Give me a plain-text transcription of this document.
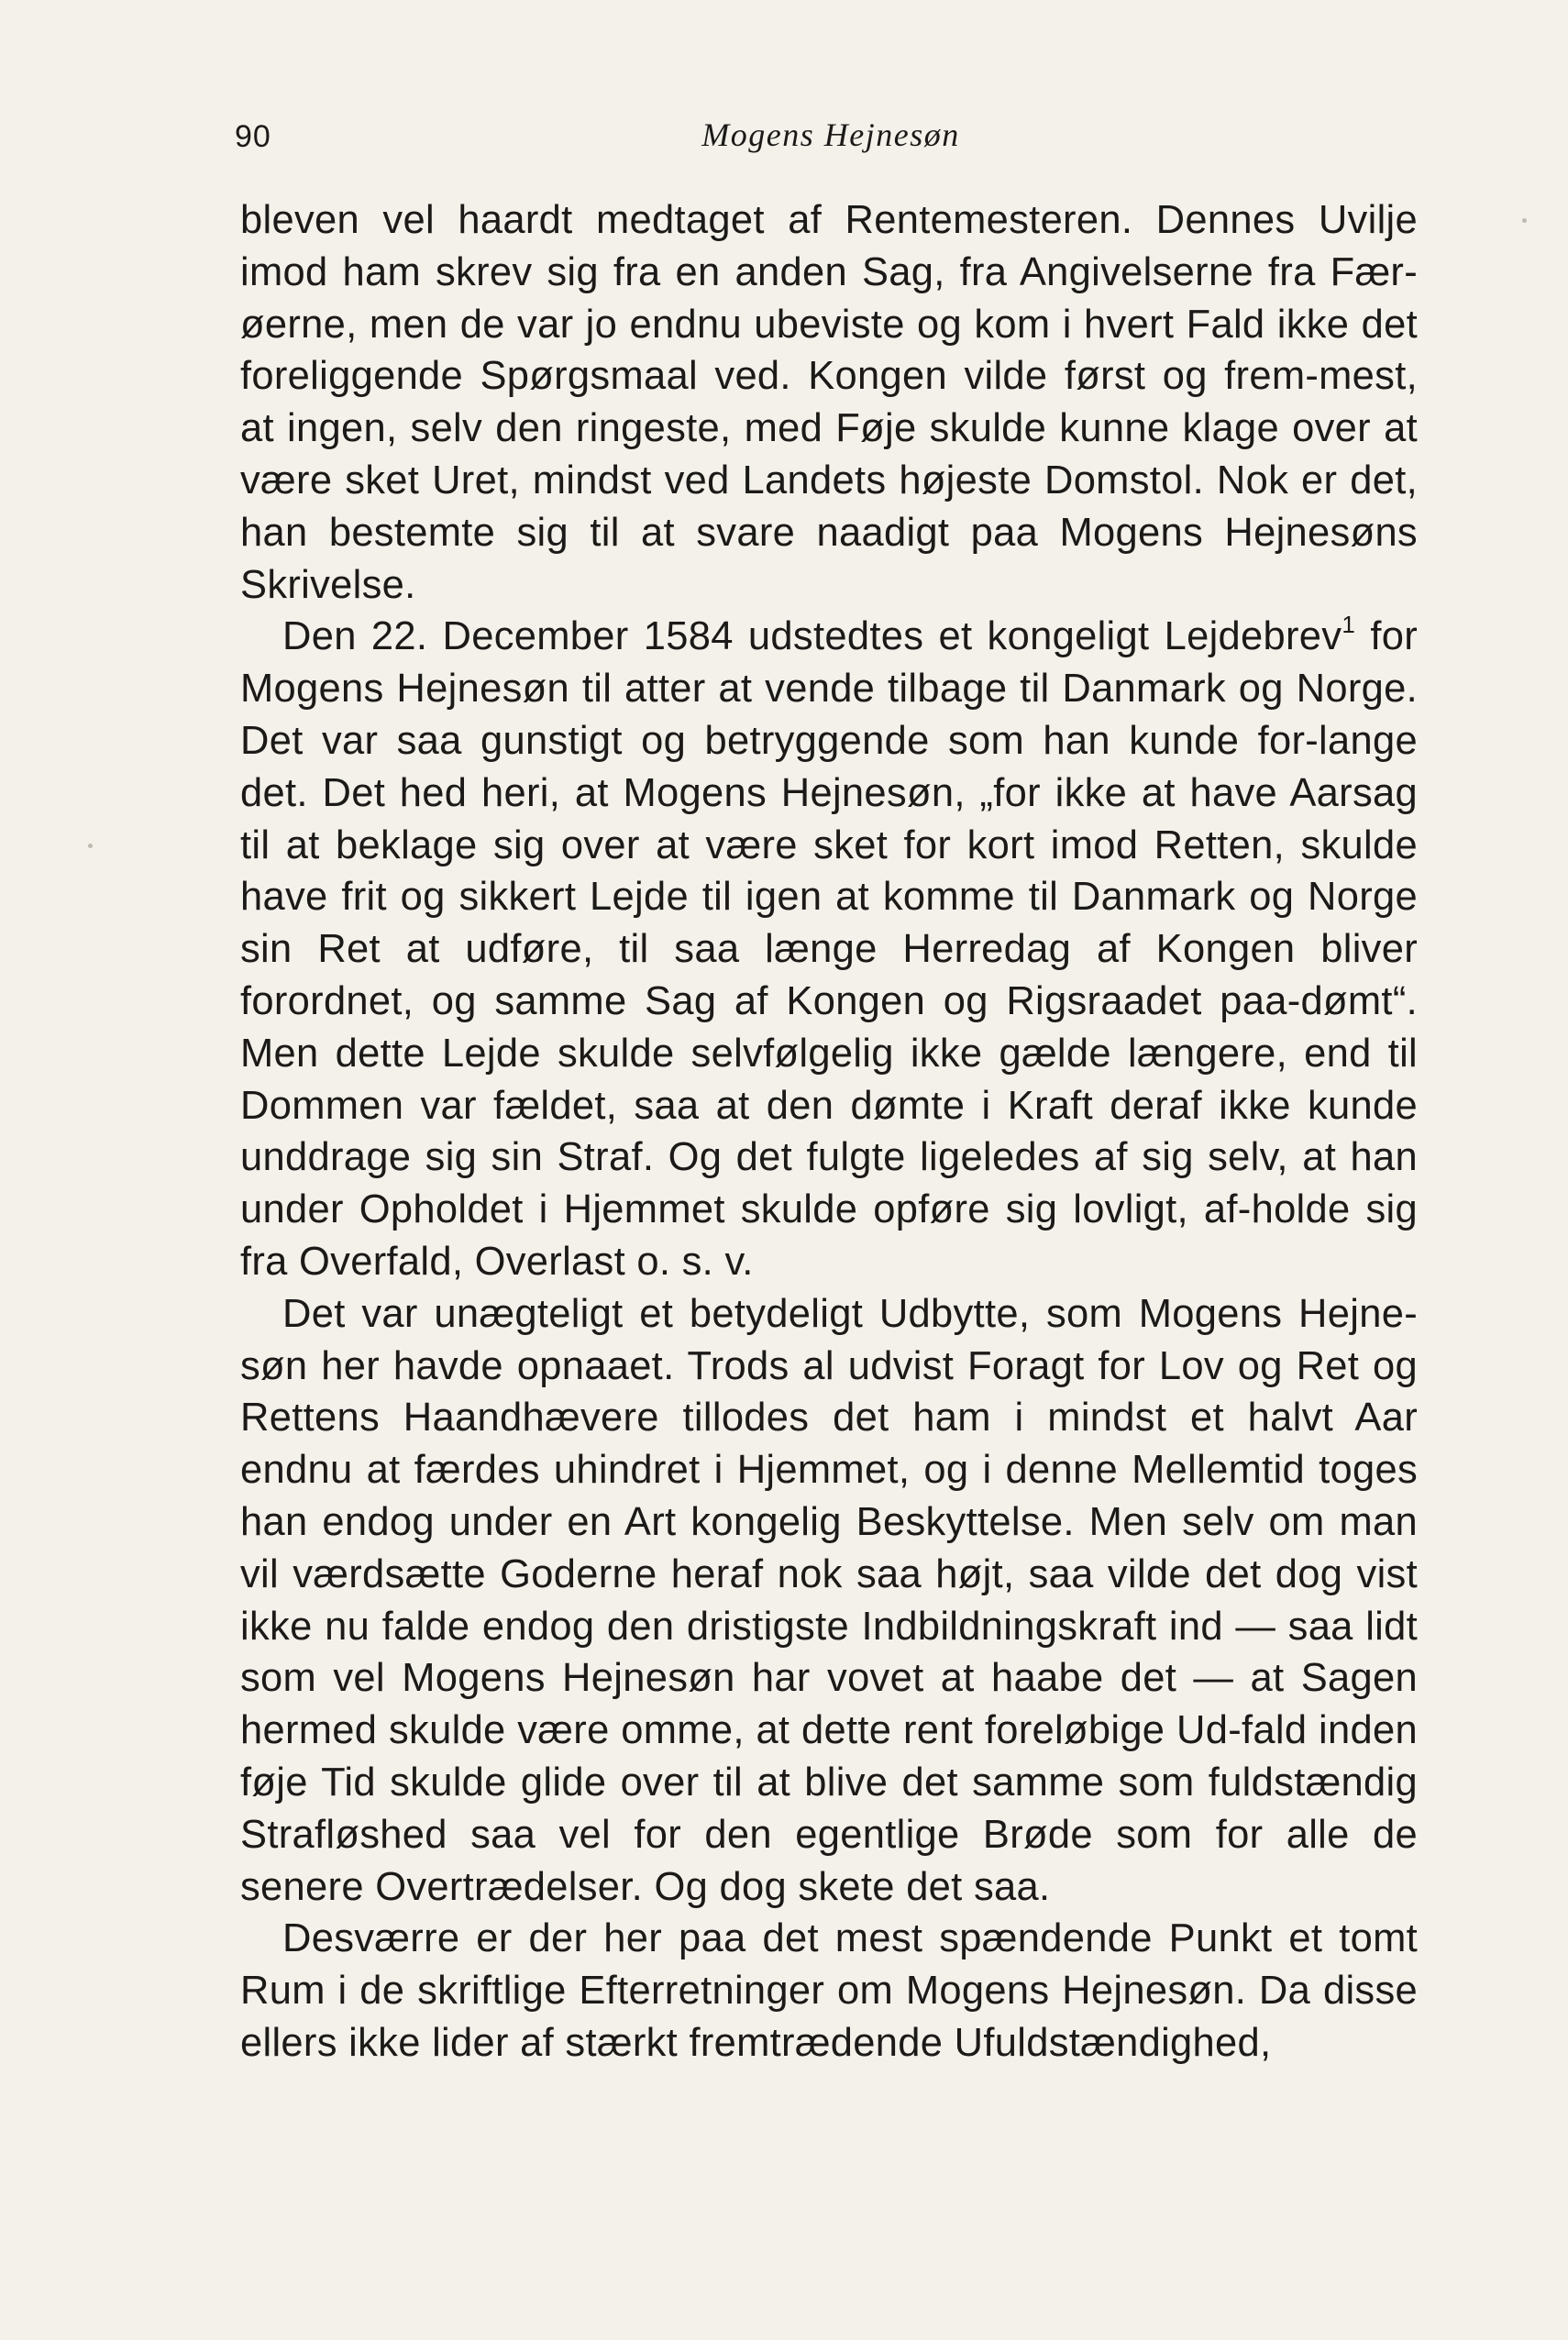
90	Mogens Hejnesøn

bleven vel haardt medtaget af Rentemesteren. Dennes Uvilje imod ham skrev sig fra en anden Sag, fra Angivelserne fra Fær-øerne, men de var jo endnu ubeviste og kom i hvert Fald ikke det foreliggende Spørgsmaal ved. Kongen vilde først og frem-mest, at ingen, selv den ringeste, med Føje skulde kunne klage over at være sket Uret, mindst ved Landets højeste Domstol. Nok er det, han bestemte sig til at svare naadigt paa Mogens Hejnesøns Skrivelse.

Den 22. December 1584 udstedtes et kongeligt Lejdebrev$^1$ for Mogens Hejnesøn til atter at vende tilbage til Danmark og Norge. Det var saa gunstigt og betryggende som han kunde for-lange det. Det hed heri, at Mogens Hejnesøn, „for ikke at have Aarsag til at beklage sig over at være sket for kort imod Retten, skulde have frit og sikkert Lejde til igen at komme til Danmark og Norge sin Ret at udføre, til saa længe Herredag af Kongen bliver forordnet, og samme Sag af Kongen og Rigsraadet paa-dømt“. Men dette Lejde skulde selvfølgelig ikke gælde længere, end til Dommen var fældet, saa at den dømte i Kraft deraf ikke kunde unddrage sig sin Straf. Og det fulgte ligeledes af sig selv, at han under Opholdet i Hjemmet skulde opføre sig lovligt, af-holde sig fra Overfald, Overlast o. s. v.

Det var unægteligt et betydeligt Udbytte, som Mogens Hejne-søn her havde opnaaet. Trods al udvist Foragt for Lov og Ret og Rettens Haandhævere tillodes det ham i mindst et halvt Aar endnu at færdes uhindret i Hjemmet, og i denne Mellemtid toges han endog under en Art kongelig Beskyttelse. Men selv om man vil værdsætte Goderne heraf nok saa højt, saa vilde det dog vist ikke nu falde endog den dristigste Indbildningskraft ind — saa lidt som vel Mogens Hejnesøn har vovet at haabe det — at Sagen hermed skulde være omme, at dette rent foreløbige Ud-fald inden føje Tid skulde glide over til at blive det samme som fuldstændig Strafløshed saa vel for den egentlige Brøde som for alle de senere Overtrædelser. Og dog skete det saa.

Desværre er der her paa det mest spændende Punkt et tomt Rum i de skriftlige Efterretninger om Mogens Hejnesøn. Da disse ellers ikke lider af stærkt fremtrædende Ufuldstændighed,
